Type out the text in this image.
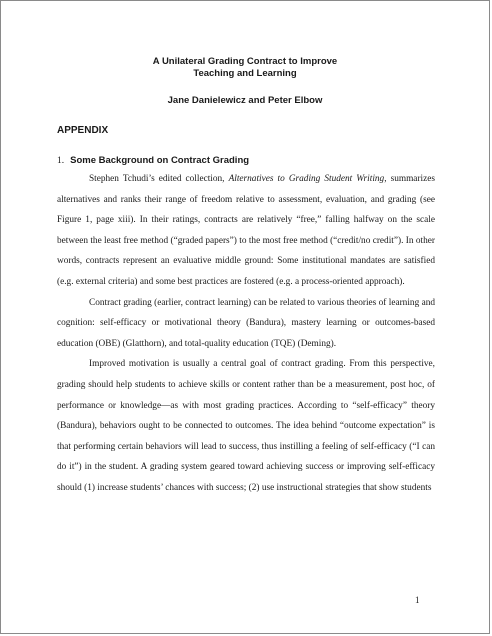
A Unilateral Grading Contract to Improve
Teaching and Learning
Jane Danielewicz and Peter Elbow
APPENDIX
1. Some Background on Contract Grading

Stephen Tchudi’s edited collection, Alternatives to Grading Student Writing, summarizes alternatives and ranks their range of freedom relative to assessment, evaluation, and grading (see Figure 1, page xiii). In their ratings, contracts are relatively “free,” falling halfway on the scale between the least free method (“graded papers”) to the most free method (“credit/no credit”). In other words, contracts represent an evaluative middle ground: Some institutional mandates are satisfied (e.g. external criteria) and some best practices are fostered (e.g. a process-oriented approach).

Contract grading (earlier, contract learning) can be related to various theories of learning and cognition: self-efficacy or motivational theory (Bandura), mastery learning or outcomes-based education (OBE) (Glatthorn), and total-quality education (TQE) (Deming).

Improved motivation is usually a central goal of contract grading. From this perspective, grading should help students to achieve skills or content rather than be a measurement, post hoc, of performance or knowledge—as with most grading practices. According to “self-efficacy” theory (Bandura), behaviors ought to be connected to outcomes. The idea behind “outcome expectation” is that performing certain behaviors will lead to success, thus instilling a feeling of self-efficacy (“I can do it”) in the student. A grading system geared toward achieving success or improving self-efficacy should (1) increase students’ chances with success; (2) use instructional strategies that show students

1
